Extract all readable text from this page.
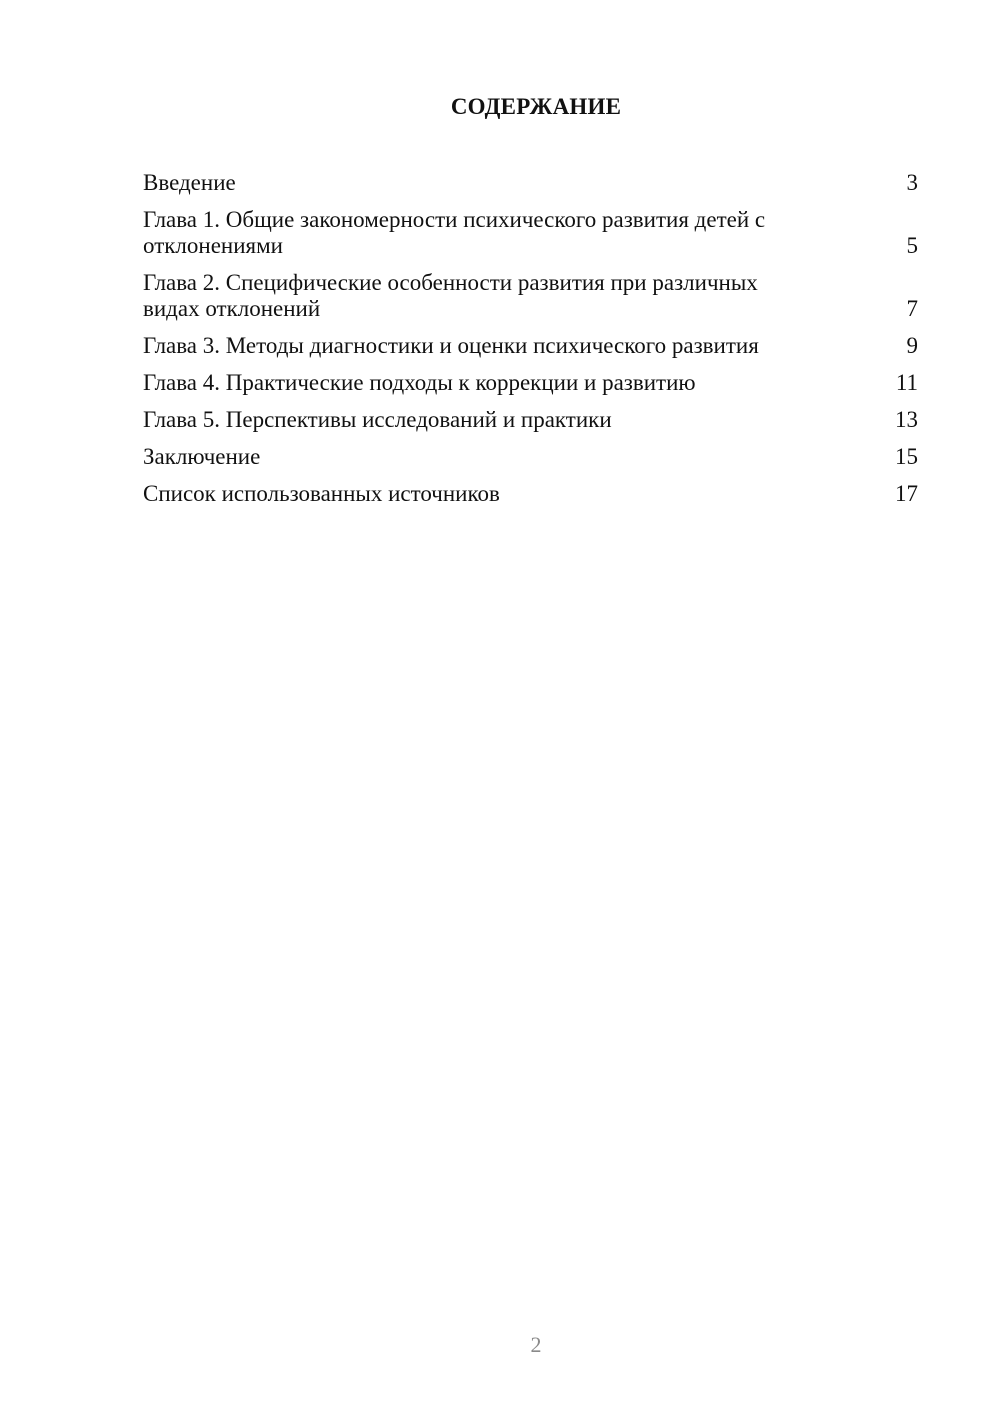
СОДЕРЖАНИЕ
Введение	3
Глава 1. Общие закономерности психического развития детей с
отклонениями	5
Глава 2. Специфические особенности развития при различных
видах отклонений	7
Глава 3. Методы диагностики и оценки психического развития	9
Глава 4. Практические подходы к коррекции и развитию	11
Глава 5. Перспективы исследований и практики	13
Заключение	15
Список использованных источников	17
2
